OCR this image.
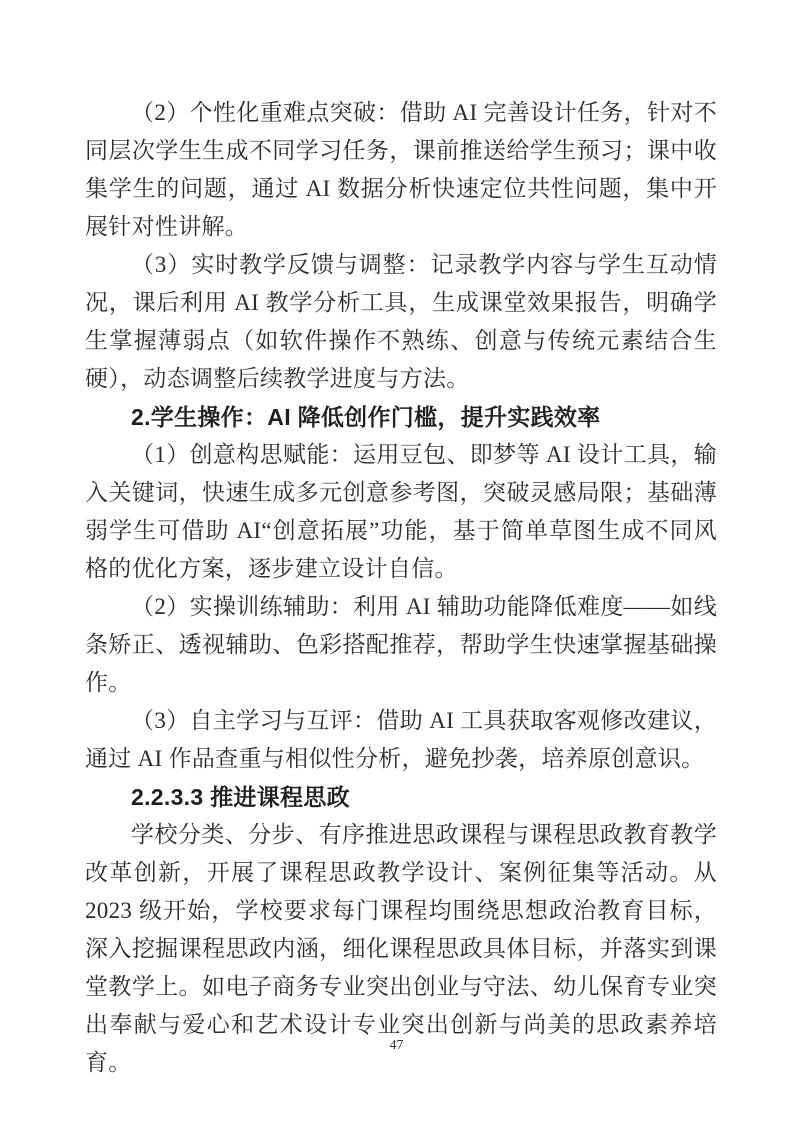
（2）个性化重难点突破：借助 AI 完善设计任务，针对不同层次学生生成不同学习任务，课前推送给学生预习；课中收集学生的问题，通过 AI 数据分析快速定位共性问题，集中开展针对性讲解。

（3）实时教学反馈与调整：记录教学内容与学生互动情况，课后利用 AI 教学分析工具，生成课堂效果报告，明确学生掌握薄弱点（如软件操作不熟练、创意与传统元素结合生硬），动态调整后续教学进度与方法。

2.学生操作：AI 降低创作门槛，提升实践效率

（1）创意构思赋能：运用豆包、即梦等 AI 设计工具，输入关键词，快速生成多元创意参考图，突破灵感局限；基础薄弱学生可借助 AI“创意拓展”功能，基于简单草图生成不同风格的优化方案，逐步建立设计自信。

（2）实操训练辅助：利用 AI 辅助功能降低难度——如线条矫正、透视辅助、色彩搭配推荐，帮助学生快速掌握基础操作。

（3）自主学习与互评：借助 AI 工具获取客观修改建议，通过 AI 作品查重与相似性分析，避免抄袭，培养原创意识。

2.2.3.3 推进课程思政

学校分类、分步、有序推进思政课程与课程思政教育教学改革创新，开展了课程思政教学设计、案例征集等活动。从 2023 级开始，学校要求每门课程均围绕思想政治教育目标，深入挖掘课程思政内涵，细化课程思政具体目标，并落实到课堂教学上。如电子商务专业突出创业与守法、幼儿保育专业突出奉献与爱心和艺术设计专业突出创新与尚美的思政素养培育。

47
